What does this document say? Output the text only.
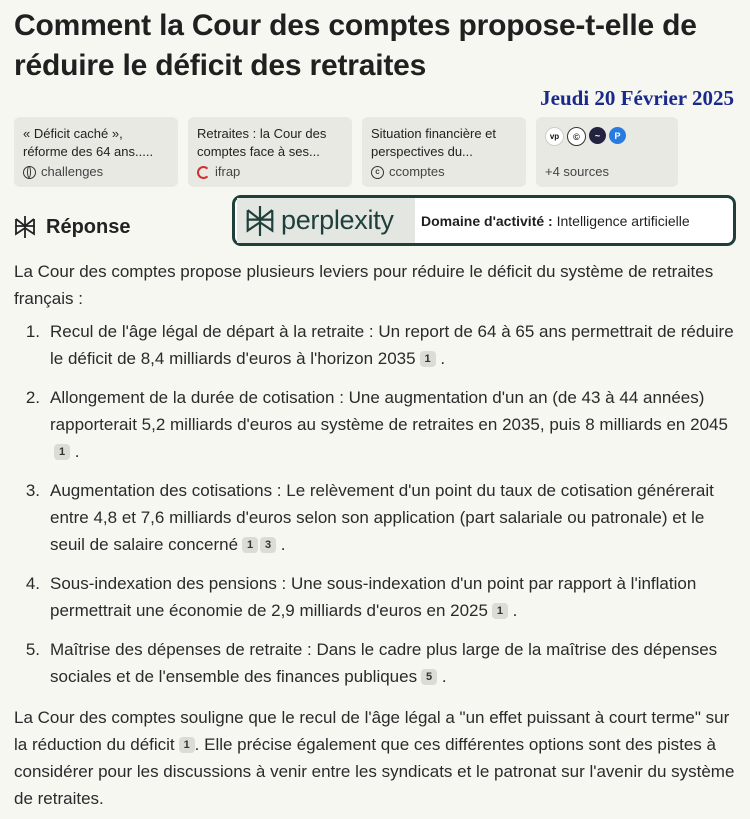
Comment la Cour des comptes propose-t-elle de réduire le déficit des retraites
Jeudi 20 Février 2025
« Déficit caché », réforme des 64 ans.....
challenges
Retraites : la Cour des comptes face à ses...
ifrap
Situation financière et perspectives du...
c ccomptes
vp	©	~	P
+4 sources
Réponse	perplexity Domaine d'activité : Intelligence artificielle
La Cour des comptes propose plusieurs leviers pour réduire le déficit du système de retraites français :
1. Recul de l'âge légal de départ à la retraite : Un report de 64 à 65 ans permettrait de réduire le déficit de 8,4 milliards d'euros à l'horizon 2035 1 .
2. Allongement de la durée de cotisation : Une augmentation d'un an (de 43 à 44 années) rapporterait 5,2 milliards d'euros au système de retraites en 2035, puis 8 milliards en 20451 .
3. Augmentation des cotisations : Le relèvement d'un point du taux de cotisation générerait entre 4,8 et 7,6 milliards d'euros selon son application (part salariale ou patronale) et le seuil de salaire concerné 1 3 .
4. Sous-indexation des pensions : Une sous-indexation d'un point par rapport à l'inflation permettrait une économie de 2,9 milliards d'euros en 2025 1 .
5. Maîtrise des dépenses de retraite : Dans le cadre plus large de la maîtrise des dépenses sociales et de l'ensemble des finances publiques 5 .
La Cour des comptes souligne que le recul de l'âge légal a "un effet puissant à court terme" sur la réduction du déficit 1 . Elle précise également que ces différentes options sont des pistes à considérer pour les discussions à venir entre les syndicats et le patronat sur l'avenir du système de retraites.
